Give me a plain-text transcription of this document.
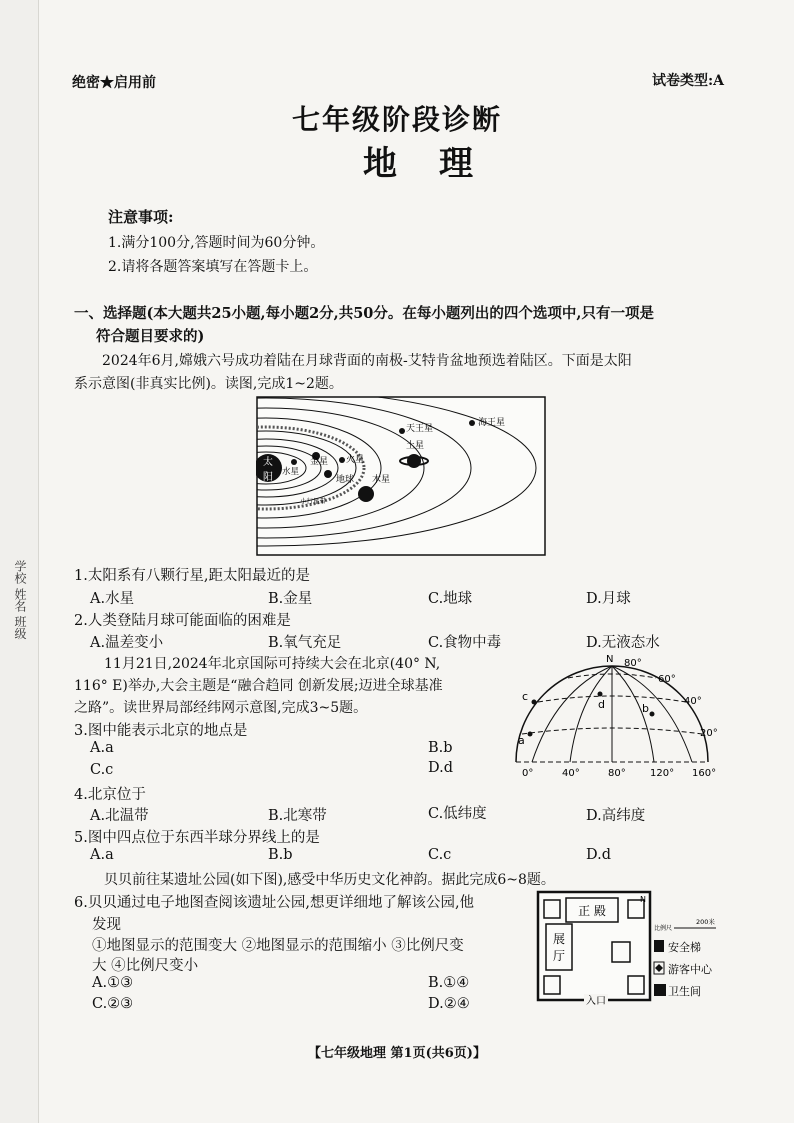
学校 姓名 班级
绝密★启用前	试卷类型:A
七年级阶段诊断
地理
注意事项:
1.满分100分,答题时间为60分钟。
2.请将各题答案填写在答题卡上。
一、选择题(本大题共25小题,每小题2分,共50分。在每小题列出的四个选项中,只有一项是
符合题目要求的)
2024年6月,嫦娥六号成功着陆在月球背面的南极-艾特肯盆地预选着陆区。下面是太阳
系示意图(非真实比例)。读图,完成1~2题。
太
阳 水星
金星
地球
火星
小行星带
木星
土星
天王星
海王星
1.太阳系有八颗行星,距太阳最近的是
A.水星	B.金星	C.地球	D.月球
2.人类登陆月球可能面临的困难是
A.温差变小	B.氧气充足	C.食物中毒	D.无液态水
11月21日,2024年北京国际可持续大会在北京(40° N,
116° E)举办,大会主题是“融合趋同 创新发展;迈进全球基准
之路”。读世界局部经纬网示意图,完成3~5题。
N 80°
60°
40°
20°
0°	40°	80° 120° 160°
a
b
c
d
3.图中能表示北京的地点是
A.a	B.b
C.c	D.d
4.北京位于
A.北温带	B.北寒带	C.低纬度	D.高纬度
5.图中四点位于东西半球分界线上的是
A.a	B.b	C.c	D.d
贝贝前往某遗址公园(如下图),感受中华历史文化神韵。据此完成6~8题。
6.贝贝通过电子地图查阅该遗址公园,想更详细地了解该公园,他
发现
①地图显示的范围变大 ②地图显示的范围缩小 ③比例尺变
大 ④比例尺变小
A.①③	B.①④
C.②③	D.②④
正 殿
展
厅
入口
N
比例尺
200米
安全梯
游客中心
卫生间
【七年级地理 第1页(共6页)】
